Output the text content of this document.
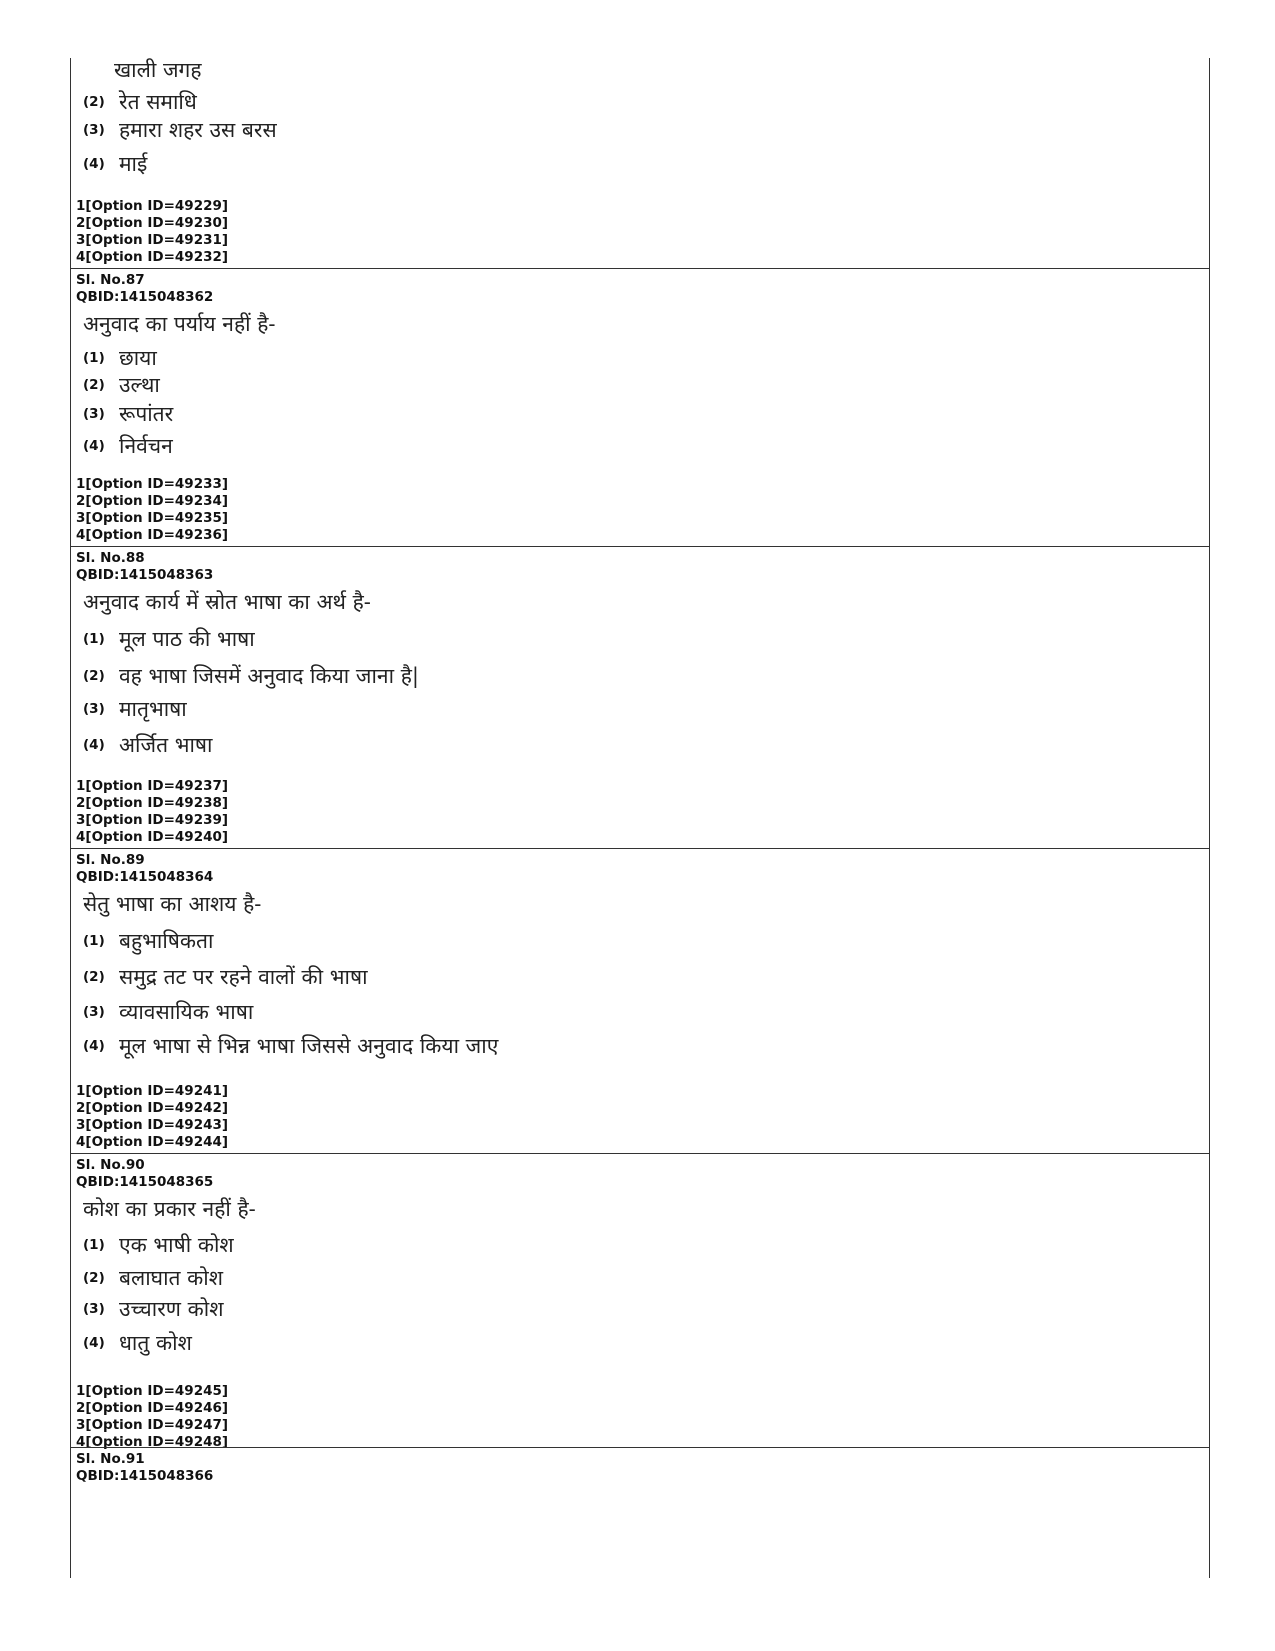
खाली जगह
(2) रेत समाधि
(3) हमारा शहर उस बरस
(4) माई
1[Option ID=49229]
2[Option ID=49230]
3[Option ID=49231]
4[Option ID=49232]
Sl. No.87
QBID:1415048362
अनुवाद का पर्याय नहीं है-
(1) छाया
(2) उल्था
(3) रूपांतर
(4) निर्वचन
1[Option ID=49233]
2[Option ID=49234]
3[Option ID=49235]
4[Option ID=49236]
Sl. No.88
QBID:1415048363
अनुवाद कार्य में स्रोत भाषा का अर्थ है-
(1) मूल पाठ की भाषा
(2) वह भाषा जिसमें अनुवाद किया जाना है|
(3) मातृभाषा
(4) अर्जित भाषा
1[Option ID=49237]
2[Option ID=49238]
3[Option ID=49239]
4[Option ID=49240]
Sl. No.89
QBID:1415048364
सेतु भाषा का आशय है-
(1) बहुभाषिकता
(2) समुद्र तट पर रहने वालों की भाषा
(3) व्यावसायिक भाषा
(4) मूल भाषा से भिन्न भाषा जिससे अनुवाद किया जाए
1[Option ID=49241]
2[Option ID=49242]
3[Option ID=49243]
4[Option ID=49244]
Sl. No.90
QBID:1415048365
कोश का प्रकार नहीं है-
(1) एक भाषी कोश
(2) बलाघात कोश
(3) उच्चारण कोश
(4) धातु कोश
1[Option ID=49245]
2[Option ID=49246]
3[Option ID=49247]
4[Option ID=49248]
Sl. No.91
QBID:1415048366
